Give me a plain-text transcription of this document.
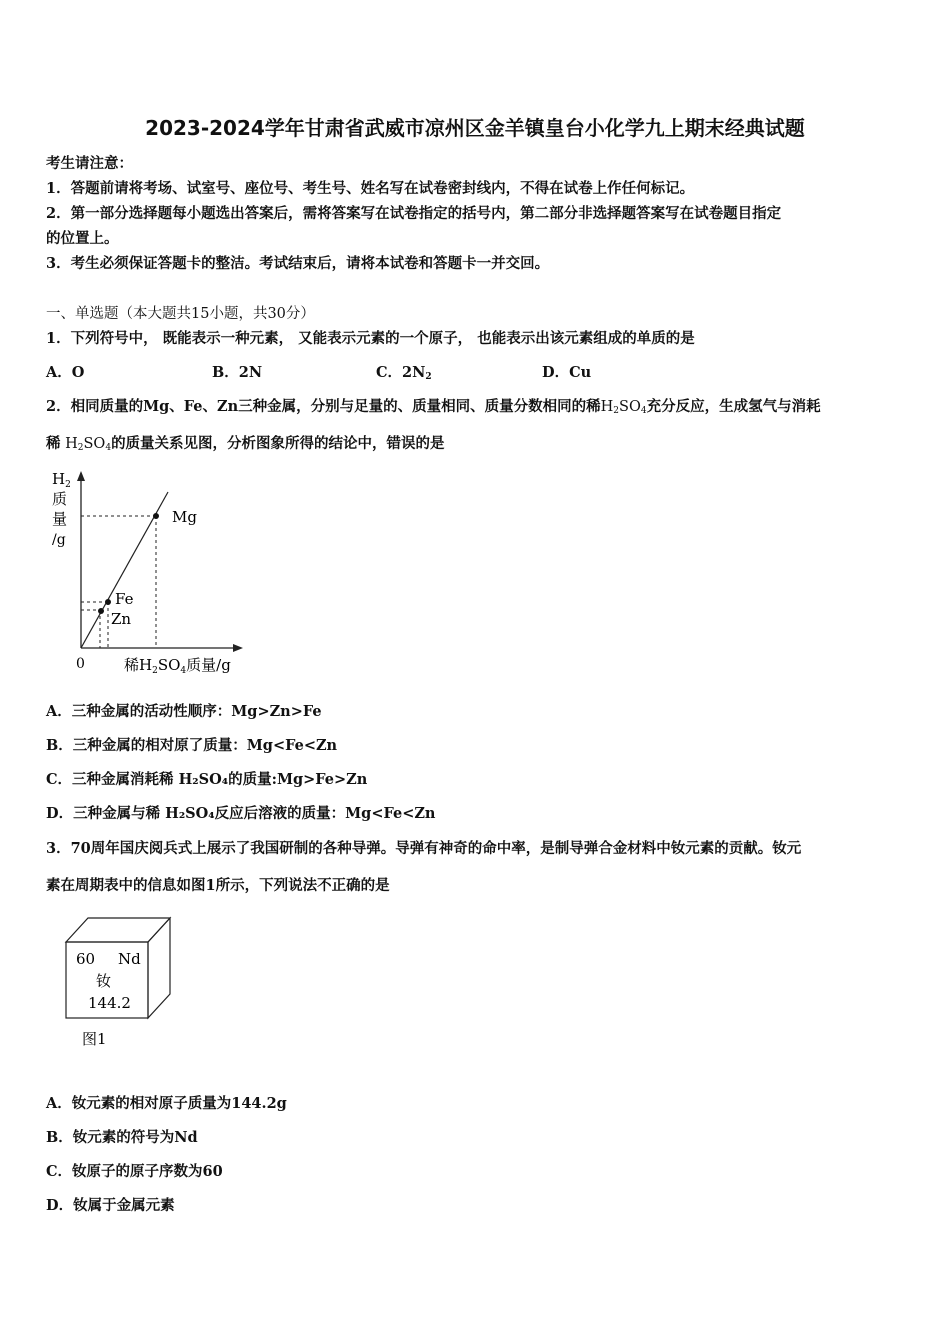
2023-2024学年甘肃省武威市凉州区金羊镇皇台小化学九上期末经典试题
考生请注意：
1．答题前请将考场、试室号、座位号、考生号、姓名写在试卷密封线内，不得在试卷上作任何标记。
2．第一部分选择题每小题选出答案后，需将答案写在试卷指定的括号内，第二部分非选择题答案写在试卷题目指定
的位置上。
3．考生必须保证答题卡的整洁。考试结束后，请将本试卷和答题卡一并交回。
一、单选题（本大题共15小题，共30分）
1．下列符号中， 既能表示一种元素， 又能表示元素的一个原子， 也能表示出该元素组成的单质的是
A．O	B．2N	C．$2N_2$	D．Cu
2．相同质量的Mg、Fe、Zn三种金属，分别与足量的、质量相同、质量分数相同的稀$H_2SO_4$充分反应，生成氢气与消耗
稀 $H_2SO_4$的质量关系见图，分析图象所得的结论中，错误的是
$H_2$
质
量
/g
Mg
Fe
Zn
0	稀$H_2SO_4$质量/g
A．三种金属的活动性顺序：Mg>Zn>Fe
B．三种金属的相对原了质量：Mg<Fe<Zn
C．三种金属消耗稀 H₂SO₄的质量:Mg>Fe>Zn
D．三种金属与稀 H₂SO₄反应后溶液的质量：Mg<Fe<Zn
3．70周年国庆阅兵式上展示了我国研制的各种导弹。导弹有神奇的命中率，是制导弹合金材料中钕元素的贡献。钕元
素在周期表中的信息如图1所示，下列说法不正确的是
60 Nd
钕
144.2
图1
A．钕元素的相对原子质量为144.2g
B．钕元素的符号为Nd
C．钕原子的原子序数为60
D．钕属于金属元素
